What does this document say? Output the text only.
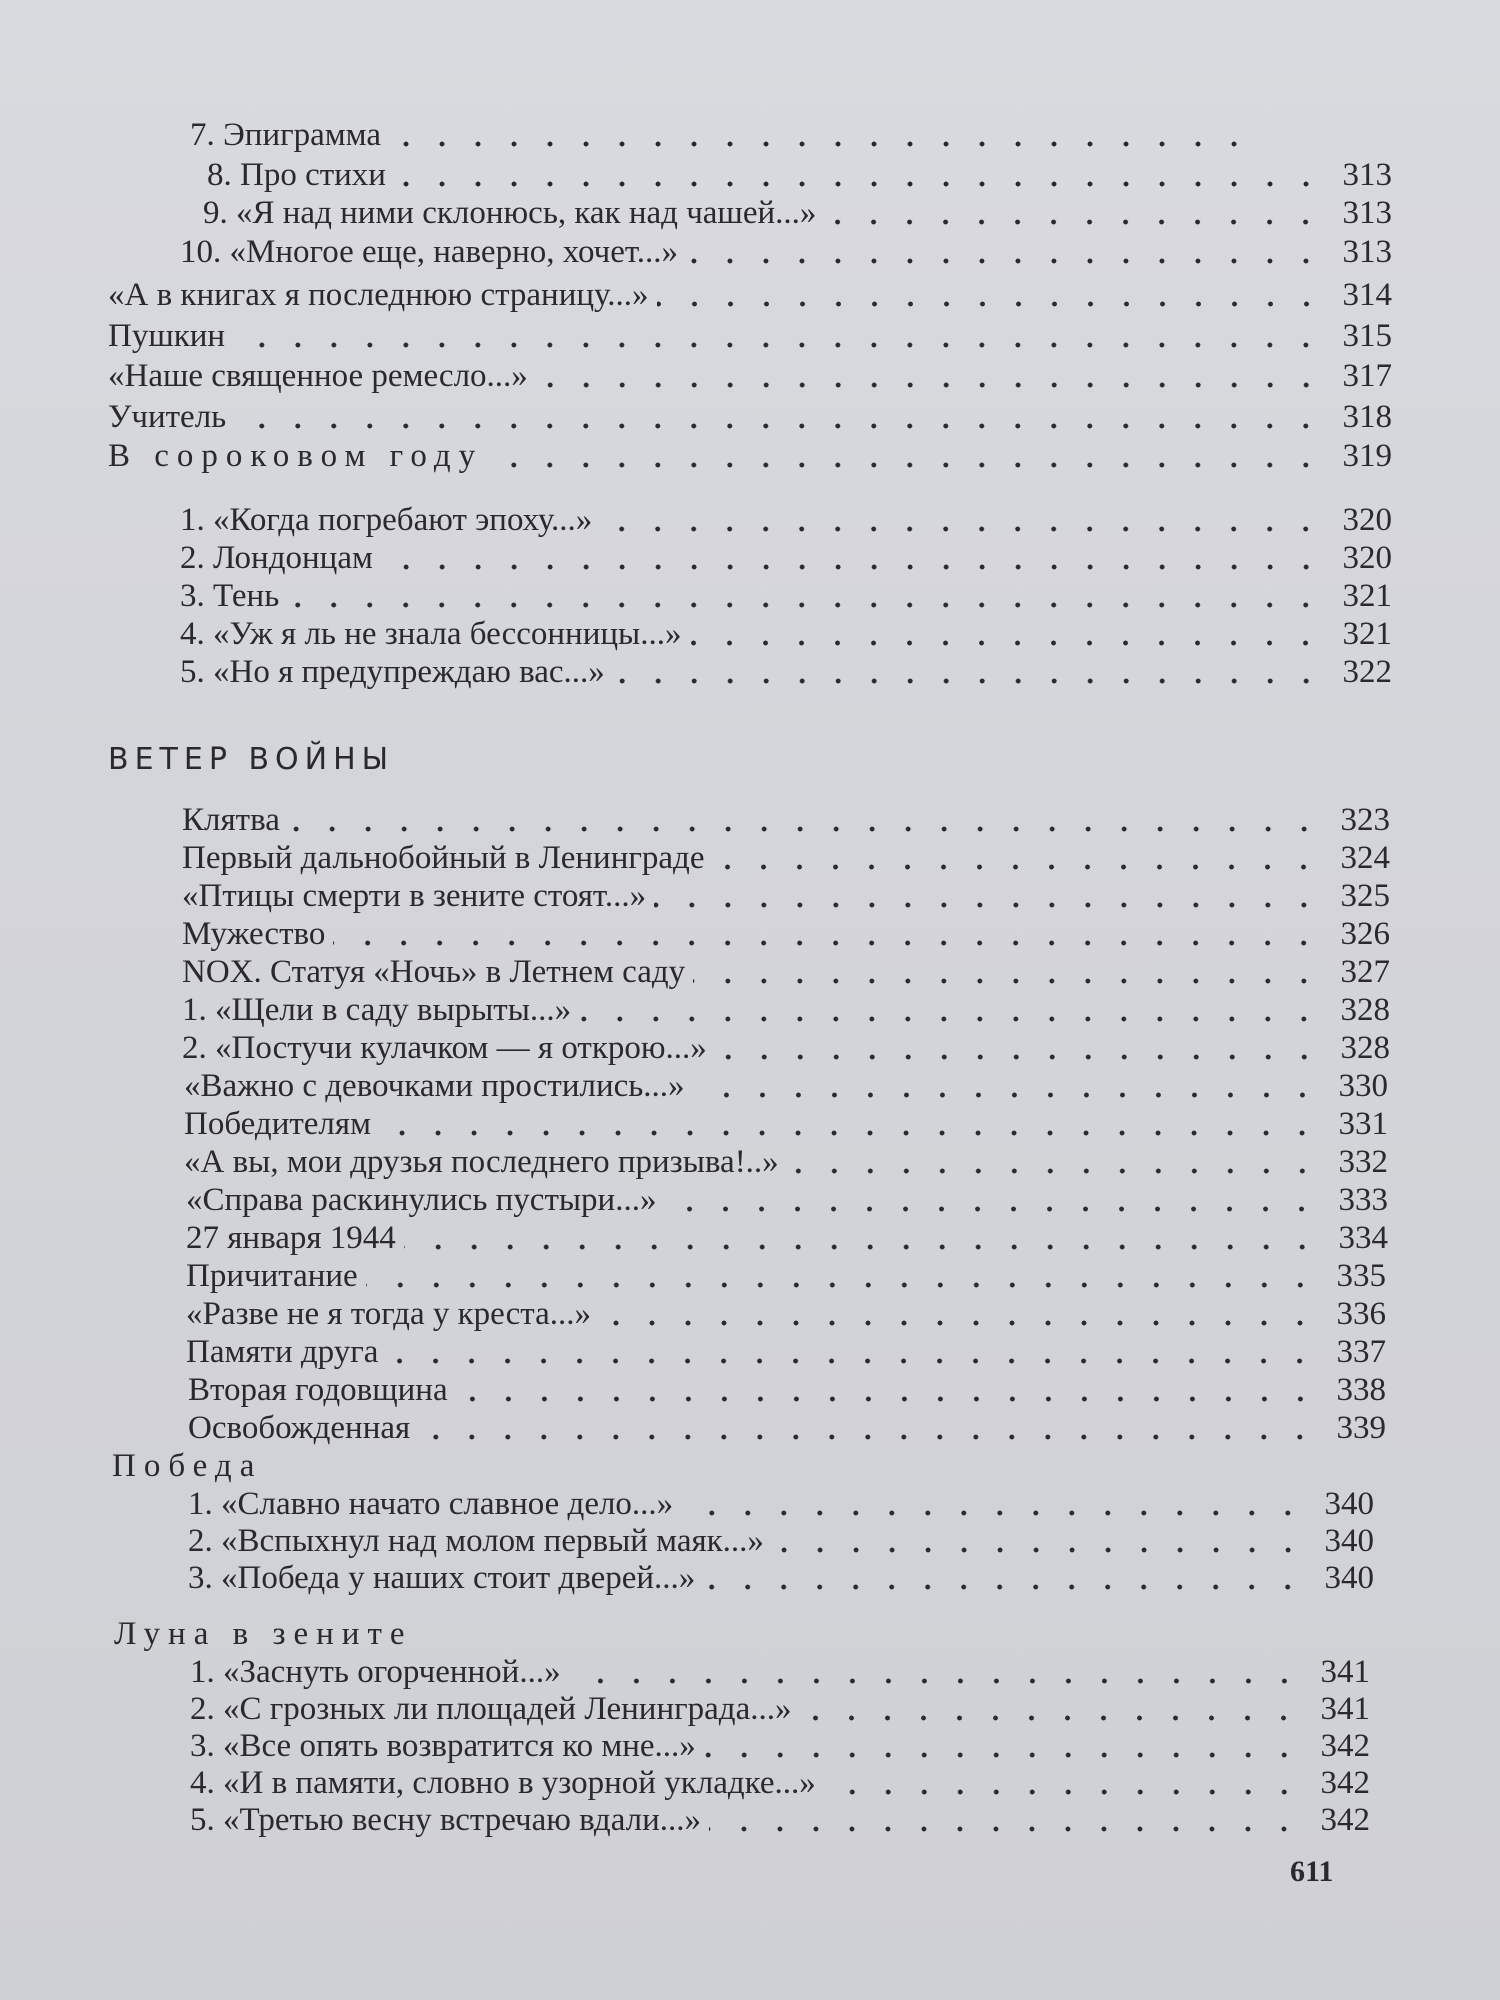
7. Эпиграмма
8. Про стихи	313
9. «Я над ними склонюсь, как над чашей...»	313
10. «Многое еще, наверно, хочет...»	313
«А в книгах я последнюю страницу...»	314
Пушкин	315
«Наше священное ремесло...»	317
Учитель	318
В сороковом году	319
1. «Когда погребают эпоху...»	320
2. Лондонцам	320
3. Тень	321
4. «Уж я ль не знала бессонницы...»	321
5. «Но я предупреждаю вас...»	322
ВЕТЕР ВОЙНЫ
Клятва	323
Первый дальнобойный в Ленинграде	324
«Птицы смерти в зените стоят...»	325
Мужество	326
NOX. Статуя «Ночь» в Летнем саду	327
1. «Щели в саду вырыты...»	328
2. «Постучи кулачком — я открою...»	328
«Важно с девочками простились...»	330
Победителям	331
«А вы, мои друзья последнего призыва!..»	332
«Справа раскинулись пустыри...»	333
27 января 1944	334
Причитание	335
«Разве не я тогда у креста...»	336
Памяти друга	337
Вторая годовщина	338
Освобожденная	339
Победа
1. «Славно начато славное дело...»	340
2. «Вспыхнул над молом первый маяк...»	340
3. «Победа у наших стоит дверей...»	340
Луна в зените
1. «Заснуть огорченной...»	341
2. «С грозных ли площадей Ленинграда...»	341
3. «Все опять возвратится ко мне...»	342
4. «И в памяти, словно в узорной укладке...»	342
5. «Третью весну встречаю вдали...»	342
611
